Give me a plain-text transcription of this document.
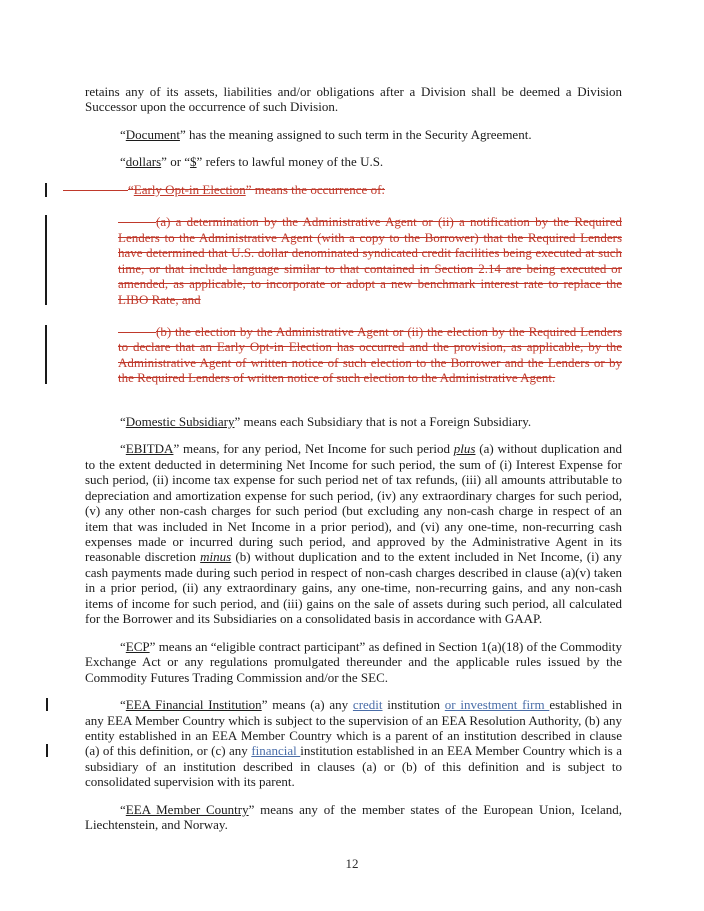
retains any of its assets, liabilities and/or obligations after a Division shall be deemed a Division Successor upon the occurrence of such Division.

“Document” has the meaning assigned to such term in the Security Agreement.

“dollars” or “$” refers to lawful money of the U.S.

“Early Opt-in Election” means the occurrence of:

(a) a determination by the Administrative Agent or (ii) a notification by the Required Lenders to the Administrative Agent (with a copy to the Borrower) that the Required Lenders have determined that U.S. dollar denominated syndicated credit facilities being executed at such time, or that include language similar to that contained in Section 2.14 are being executed or amended, as applicable, to incorporate or adopt a new benchmark interest rate to replace the LIBO Rate, and

(b) the election by the Administrative Agent or (ii) the election by the Required Lenders to declare that an Early Opt-in Election has occurred and the provision, as applicable, by the Administrative Agent of written notice of such election to the Borrower and the Lenders or by the Required Lenders of written notice of such election to the Administrative Agent.

“Domestic Subsidiary” means each Subsidiary that is not a Foreign Subsidiary.

“EBITDA” means, for any period, Net Income for such period plus (a) without duplication and to the extent deducted in determining Net Income for such period, the sum of (i) Interest Expense for such period, (ii) income tax expense for such period net of tax refunds, (iii) all amounts attributable to depreciation and amortization expense for such period, (iv) any extraordinary charges for such period, (v) any other non-cash charges for such period (but excluding any non-cash charge in respect of an item that was included in Net Income in a prior period), and (vi) any one-time, non-recurring cash expenses made or incurred during such period, and approved by the Administrative Agent in its reasonable discretion minus (b) without duplication and to the extent included in Net Income, (i) any cash payments made during such period in respect of non-cash charges described in clause (a)(v) taken in a prior period, (ii) any extraordinary gains, any one-time, non-recurring gains, and any non-cash items of income for such period, and (iii) gains on the sale of assets during such period, all calculated for the Borrower and its Subsidiaries on a consolidated basis in accordance with GAAP.

“ECP” means an “eligible contract participant” as defined in Section 1(a)(18) of the Commodity Exchange Act or any regulations promulgated thereunder and the applicable rules issued by the Commodity Futures Trading Commission and/or the SEC.

“EEA Financial Institution” means (a) any credit institution or investment firm established in any EEA Member Country which is subject to the supervision of an EEA Resolution Authority, (b) any entity established in an EEA Member Country which is a parent of an institution described in clause (a) of this definition, or (c) any financial institution established in an EEA Member Country which is a subsidiary of an institution described in clauses (a) or (b) of this definition and is subject to consolidated supervision with its parent.

“EEA Member Country” means any of the member states of the European Union, Iceland, Liechtenstein, and Norway.

12
